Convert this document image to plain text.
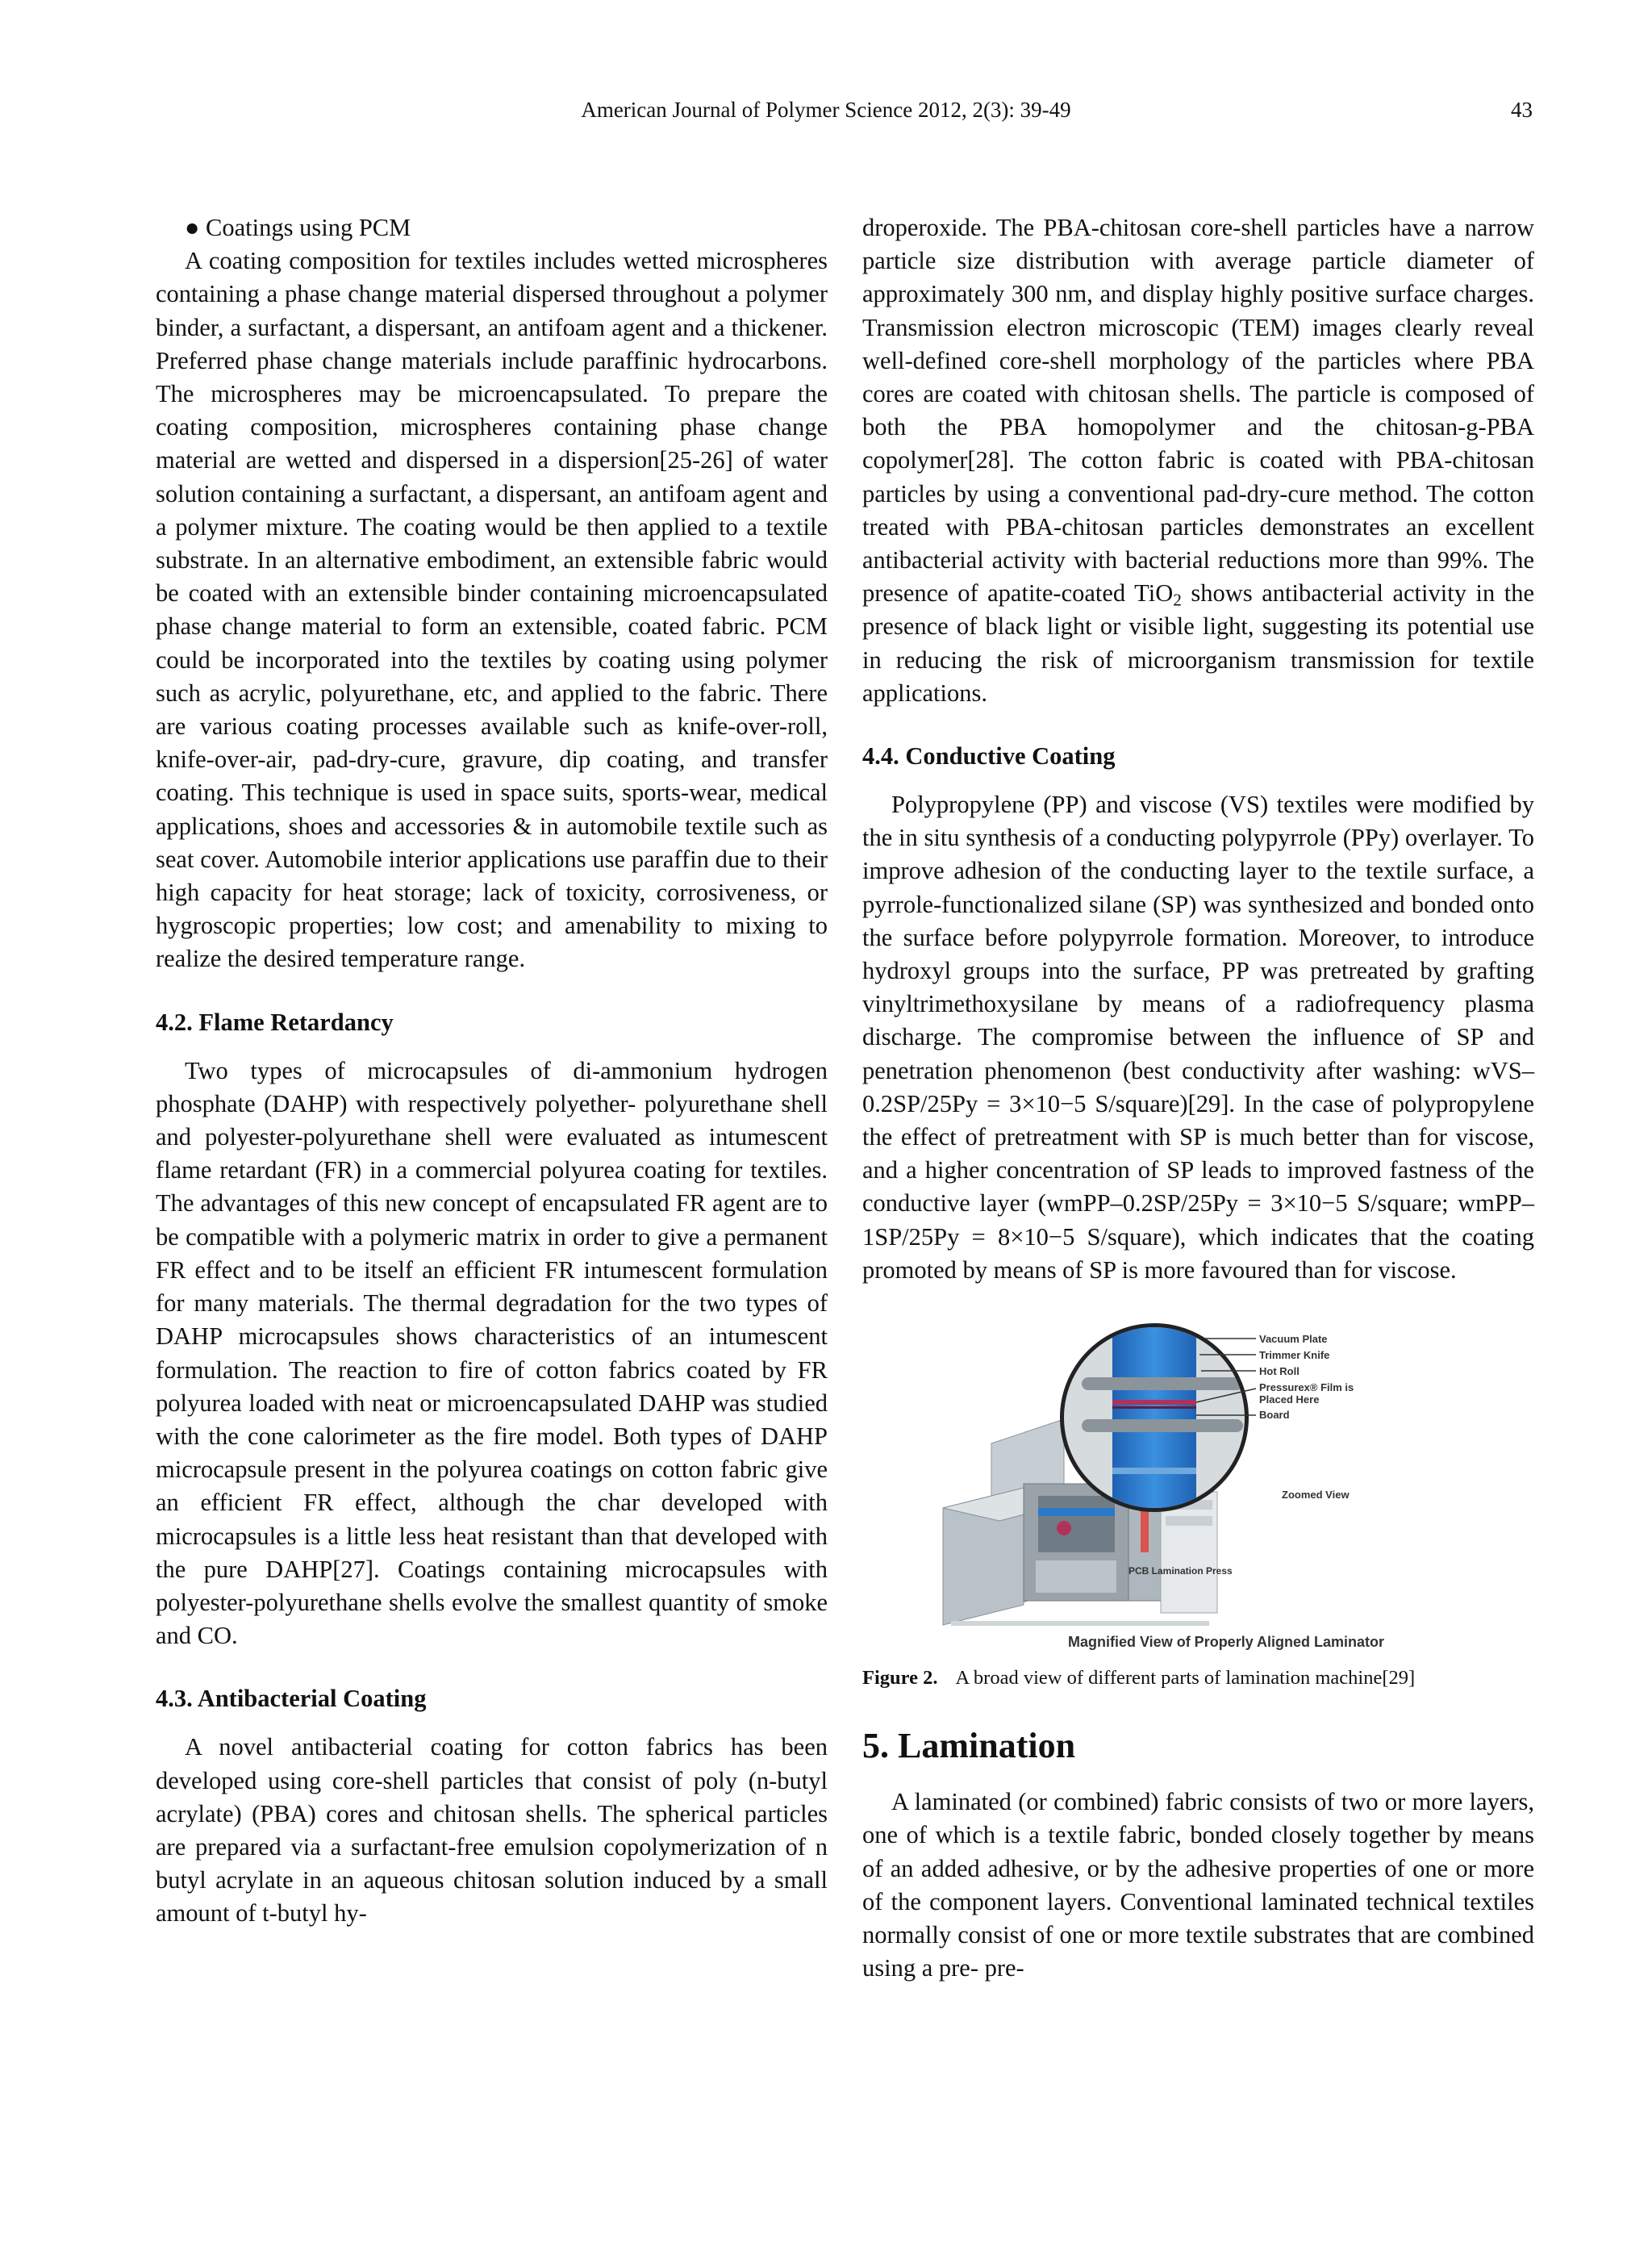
American Journal of Polymer Science 2012, 2(3): 39-49	43
● Coatings using PCM

A coating composition for textiles includes wetted microspheres containing a phase change material dispersed throughout a polymer binder, a surfactant, a dispersant, an antifoam agent and a thickener. Preferred phase change materials include paraffinic hydrocarbons. The microspheres may be microencapsulated. To prepare the coating composition, microspheres containing phase change material are wetted and dispersed in a dispersion[25-26] of water solution containing a surfactant, a dispersant, an antifoam agent and a polymer mixture. The coating would be then applied to a textile substrate. In an alternative embodiment, an extensible fabric would be coated with an extensible binder containing microencapsulated phase change material to form an extensible, coated fabric. PCM could be incorporated into the textiles by coating using polymer such as acrylic, polyurethane, etc, and applied to the fabric. There are various coating processes available such as knife-over-roll, knife-over-air, pad-dry-cure, gravure, dip coating, and transfer coating. This technique is used in space suits, sports-wear, medical applications, shoes and accessories & in automobile textile such as seat cover. Automobile interior applications use paraffin due to their high capacity for heat storage; lack of toxicity, corrosiveness, or hygroscopic properties; low cost; and amenability to mixing to realize the desired temperature range.

4.2. Flame Retardancy

Two types of microcapsules of di-ammonium hydrogen phosphate (DAHP) with respectively polyether- polyurethane shell and polyester-polyurethane shell were evaluated as intumescent flame retardant (FR) in a commercial polyurea coating for textiles. The advantages of this new concept of encapsulated FR agent are to be compatible with a polymeric matrix in order to give a permanent FR effect and to be itself an efficient FR intumescent formulation for many materials. The thermal degradation for the two types of DAHP microcapsules shows characteristics of an intumescent formulation. The reaction to fire of cotton fabrics coated by FR polyurea loaded with neat or microencapsulated DAHP was studied with the cone calorimeter as the fire model. Both types of DAHP microcapsule present in the polyurea coatings on cotton fabric give an efficient FR effect, although the char developed with microcapsules is a little less heat resistant than that developed with the pure DAHP[27]. Coatings containing microcapsules with polyester-polyurethane shells evolve the smallest quantity of smoke and CO.

4.3. Antibacterial Coating

A novel antibacterial coating for cotton fabrics has been developed using core-shell particles that consist of poly (n-butyl acrylate) (PBA) cores and chitosan shells. The spherical particles are prepared via a surfactant-free emulsion copolymerization of n butyl acrylate in an aqueous chitosan solution induced by a small amount of t-butyl hy-

droperoxide. The PBA-chitosan core-shell particles have a narrow particle size distribution with average particle diameter of approximately 300 nm, and display highly positive surface charges. Transmission electron microscopic (TEM) images clearly reveal well-defined core-shell morphology of the particles where PBA cores are coated with chitosan shells. The particle is composed of both the PBA homopolymer and the chitosan-g-PBA copolymer[28]. The cotton fabric is coated with PBA-chitosan particles by using a conventional pad-dry-cure method. The cotton treated with PBA-chitosan particles demonstrates an excellent antibacterial activity with bacterial reductions more than 99%. The presence of apatite-coated TiO$_2$ shows antibacterial activity in the presence of black light or visible light, suggesting its potential use in reducing the risk of microorganism transmission for textile applications.

4.4. Conductive Coating

Polypropylene (PP) and viscose (VS) textiles were modified by the in situ synthesis of a conducting polypyrrole (PPy) overlayer. To improve adhesion of the conducting layer to the textile surface, a pyrrole-functionalized silane (SP) was synthesized and bonded onto the surface before polypyrrole formation. Moreover, to introduce hydroxyl groups into the surface, PP was pretreated by grafting vinyltrimethoxysilane by means of a radiofrequency plasma discharge. The compromise between the influence of SP and penetration phenomenon (best conductivity after washing: wVS–0.2SP/25Py = 3×10−5 S/square)[29]. In the case of polypropylene the effect of pretreatment with SP is much better than for viscose, and a higher concentration of SP leads to improved fastness of the conductive layer (wmPP–0.2SP/25Py = 3×10−5 S/square; wmPP–1SP/25Py = 8×10−5 S/square), which indicates that the coating promoted by means of SP is more favoured than for viscose.

Vacuum Plate
Trimmer Knife
Hot Roll
Pressurex® Film is
Placed Here
Board
Zoomed View
PCB Lamination Press
Magnified View of Properly Aligned Laminator
Figure 2. A broad view of different parts of lamination machine[29]
5. Lamination

A laminated (or combined) fabric consists of two or more layers, one of which is a textile fabric, bonded closely together by means of an added adhesive, or by the adhesive properties of one or more of the component layers. Conventional laminated technical textiles normally consist of one or more textile substrates that are combined using a pre- pre-
